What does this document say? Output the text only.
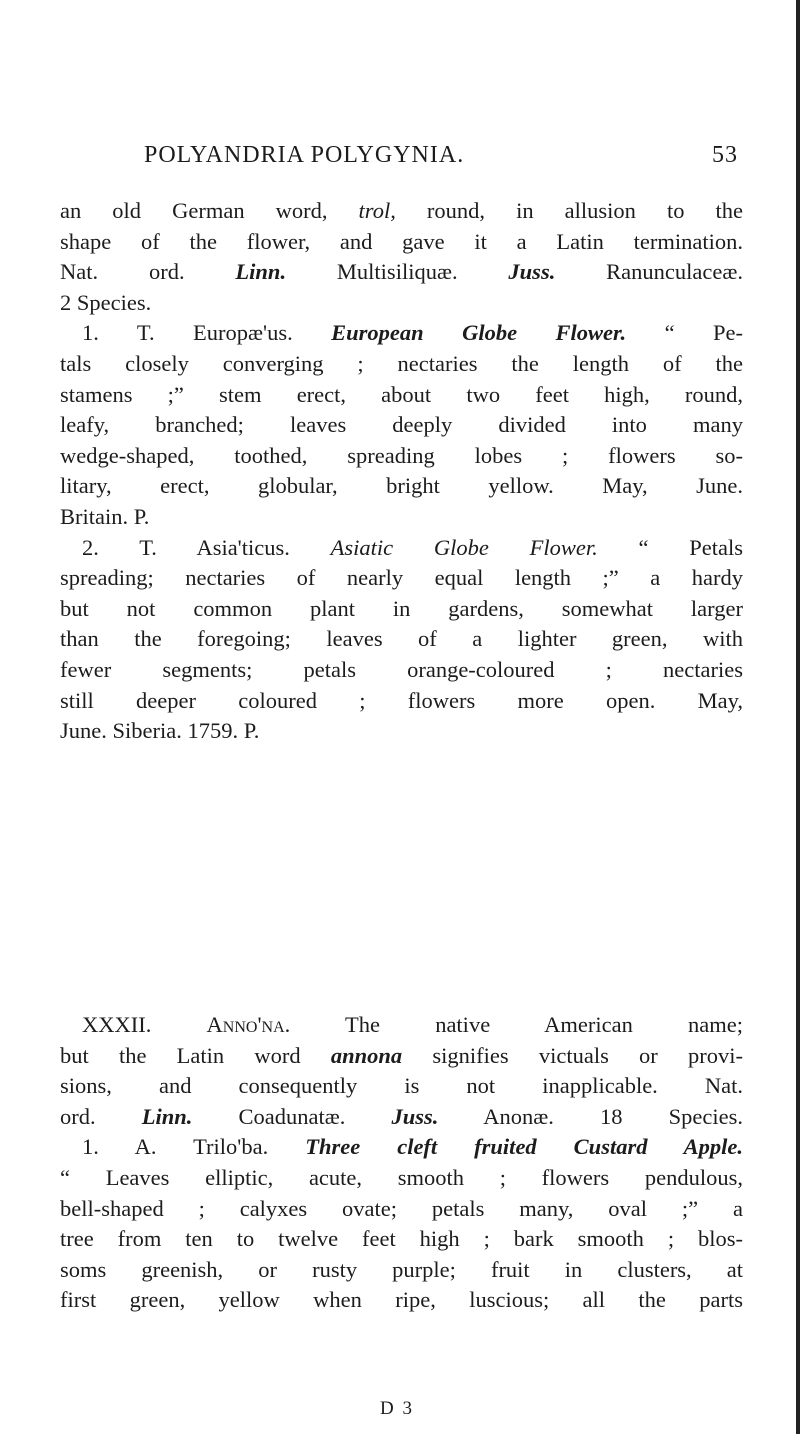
POLYANDRIA POLYGYNIA.	53
an old German word, trol, round, in allusion to the
shape of the flower, and gave it a Latin termination.
Nat. ord. Linn. Multisiliquæ. Juss. Ranunculaceæ.
2 Species.
1. T. Europæ'us. European Globe Flower. “ Pe-
tals closely converging ; nectaries the length of the
stamens ;” stem erect, about two feet high, round,
leafy, branched; leaves deeply divided into many
wedge-shaped, toothed, spreading lobes ; flowers so-
litary, erect, globular, bright yellow. May, June.
Britain. P.
2. T. Asia'ticus. Asiatic Globe Flower. “ Petals
spreading; nectaries of nearly equal length ;” a hardy
but not common plant in gardens, somewhat larger
than the foregoing; leaves of a lighter green, with
fewer segments; petals orange-coloured ; nectaries
still deeper coloured ; flowers more open. May,
June. Siberia. 1759. P.
XXXII. Anno'na. The native American name;
but the Latin word annona signifies victuals or provi-
sions, and consequently is not inapplicable. Nat.
ord. Linn. Coadunatæ. Juss. Anonæ. 18 Species.
1. A. Trilo'ba. Three cleft fruited Custard Apple.
“ Leaves elliptic, acute, smooth ; flowers pendulous,
bell-shaped ; calyxes ovate; petals many, oval ;” a
tree from ten to twelve feet high ; bark smooth ; blos-
soms greenish, or rusty purple; fruit in clusters, at
first green, yellow when ripe, luscious; all the parts
D 3
